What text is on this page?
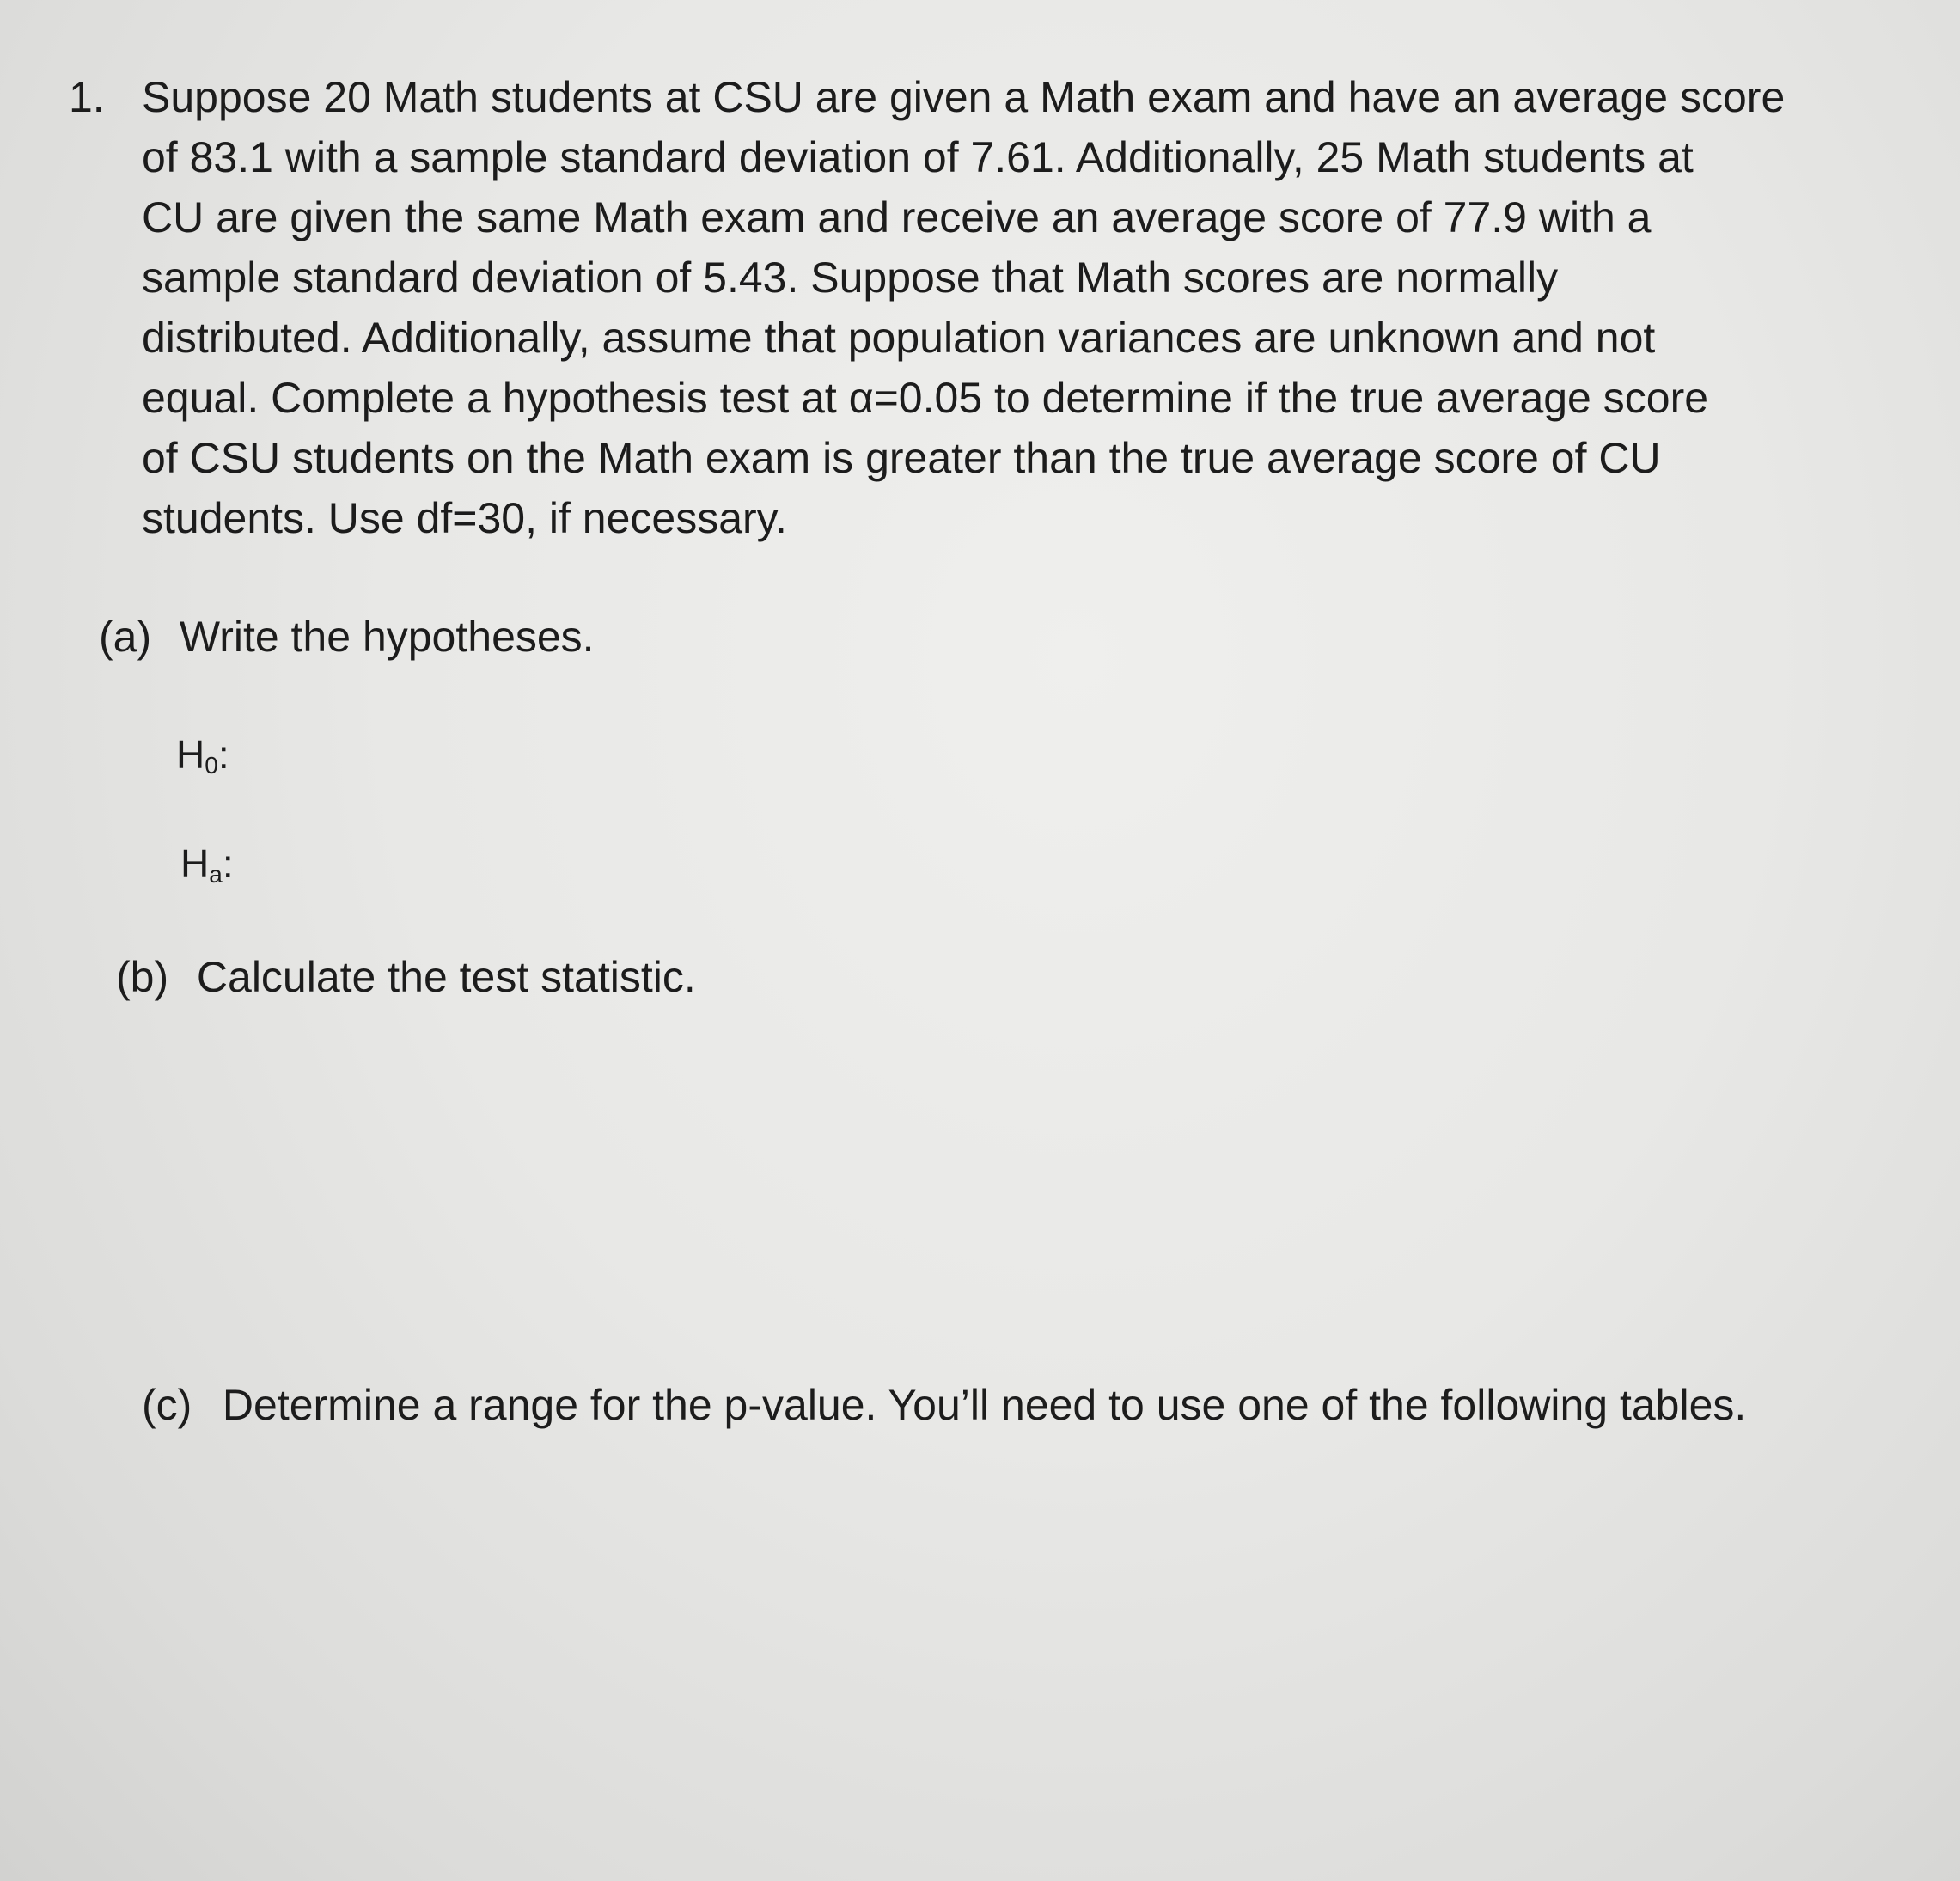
1. Suppose 20 Math students at CSU are given a Math exam and have an average score
of 83.1 with a sample standard deviation of 7.61. Additionally, 25 Math students at
CU are given the same Math exam and receive an average score of 77.9 with a
sample standard deviation of 5.43. Suppose that Math scores are normally
distributed. Additionally, assume that population variances are unknown and not
equal. Complete a hypothesis test at α=0.05 to determine if the true average score
of CSU students on the Math exam is greater than the true average score of CU
students. Use df=30, if necessary.
(a) Write the hypotheses.
$H_0$:
$H_a$:
(b) Calculate the test statistic.
(c) Determine a range for the p-value. You’ll need to use one of the following tables.
